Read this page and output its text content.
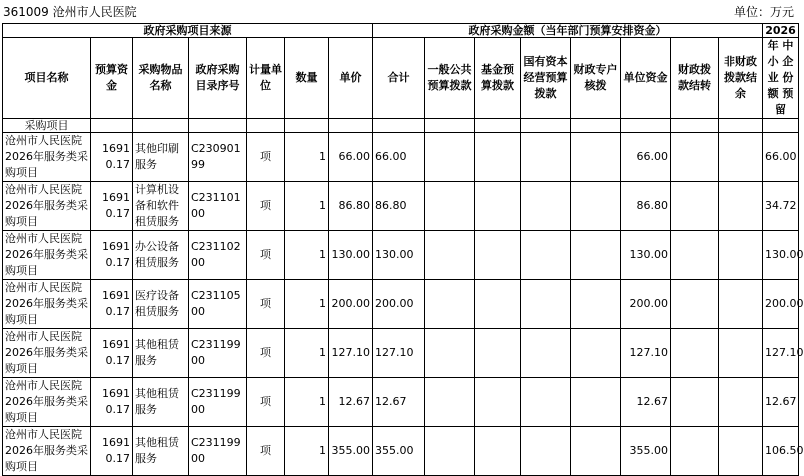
361009 沧州市人民医院	单位：万元
政府采购项目来源							政府采购金额（当年部门预算安排资金）								2026
项目名称	预算资金	采购物品名称	政府采购目录序号	计量单位	数量	单价	合计	一般公共预算拨款	基金预算拨款	国有资本经营预算拨款	财政专户核拨	单位资金	财政拨款结转	非财政拨款结余	年 中 小 企 业 份 额 预 留
采购项目															
沧州市人民医院2026年服务类采购项目	16910.17	其他印刷服务	C23090199	项	1	66.00	66.00					66.00			66.00
沧州市人民医院2026年服务类采购项目	16910.17	计算机设备和软件租赁服务	C23110100	项	1	86.80	86.80					86.80			34.72
沧州市人民医院2026年服务类采购项目	16910.17	办公设备租赁服务	C23110200	项	1	130.00	130.00					130.00			130.00
沧州市人民医院2026年服务类采购项目	16910.17	医疗设备租赁服务	C23110500	项	1	200.00	200.00					200.00			200.00
沧州市人民医院2026年服务类采购项目	16910.17	其他租赁服务	C23119900	项	1	127.10	127.10					127.10			127.10
沧州市人民医院2026年服务类采购项目	16910.17	其他租赁服务	C23119900	项	1	12.67	12.67					12.67			12.67
沧州市人民医院2026年服务类采购项目	16910.17	其他租赁服务	C23119900	项	1	355.00	355.00					355.00			106.50
